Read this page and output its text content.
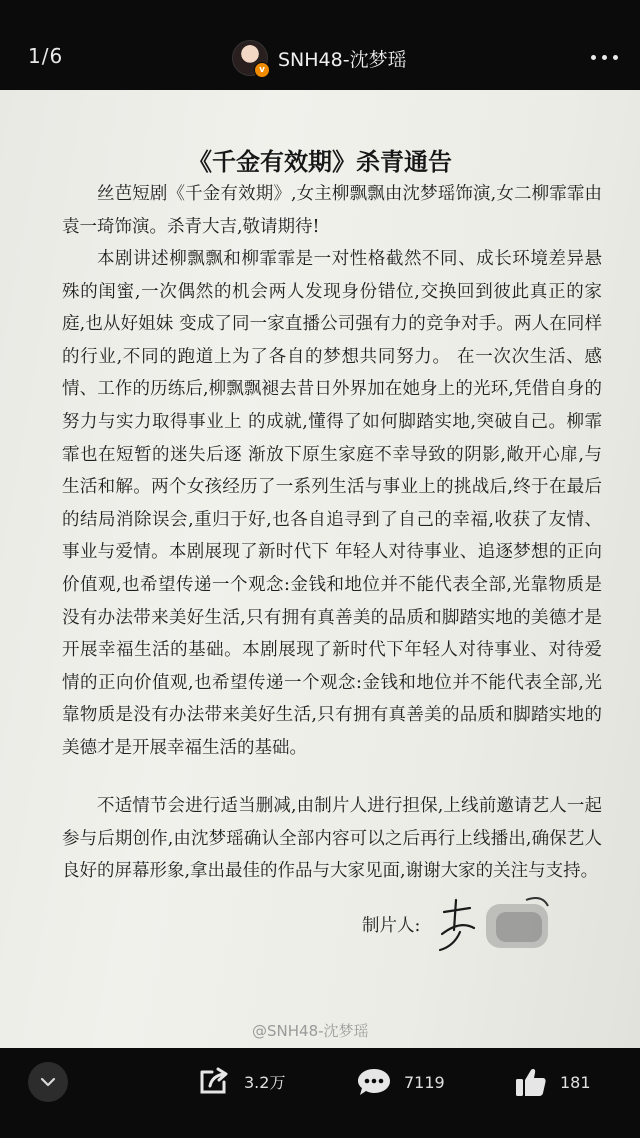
1/6
v SNH48-沈梦瑶
《千金有效期》杀青通告

丝芭短剧《千金有效期》,女主柳飘飘由沈梦瑶饰演,女二柳霏霏由袁一琦饰演。杀青大吉,敬请期待!

本剧讲述柳飘飘和柳霏霏是一对性格截然不同、成长环境差异悬殊的闺蜜,一次偶然的机会两人发现身份错位,交换回到彼此真正的家庭,也从好姐妹 变成了同一家直播公司强有力的竞争对手。两人在同样的行业,不同的跑道上为了各自的梦想共同努力。 在一次次生活、感情、工作的历练后,柳飘飘褪去昔日外界加在她身上的光环,凭借自身的努力与实力取得事业上 的成就,懂得了如何脚踏实地,突破自己。柳霏霏也在短暂的迷失后逐 渐放下原生家庭不幸导致的阴影,敞开心扉,与生活和解。两个女孩经历了一系列生活与事业上的挑战后,终于在最后的结局消除误会,重归于好,也各自追寻到了自己的幸福,收获了友情、事业与爱情。本剧展现了新时代下 年轻人对待事业、追逐梦想的正向价值观,也希望传递一个观念:金钱和地位并不能代表全部,光靠物质是没有办法带来美好生活,只有拥有真善美的品质和脚踏实地的美德才是开展幸福生活的基础。本剧展现了新时代下年轻人对待事业、对待爱情的正向价值观,也希望传递一个观念:金钱和地位并不能代表全部,光靠物质是没有办法带来美好生活,只有拥有真善美的品质和脚踏实地的美德才是开展幸福生活的基础。

不适情节会进行适当删减,由制片人进行担保,上线前邀请艺人一起参与后期创作,由沈梦瑶确认全部内容可以之后再行上线播出,确保艺人良好的屏幕形象,拿出最佳的作品与大家见面,谢谢大家的关注与支持。

制片人:
@SNH48-沈梦瑶
3.2万	7119	181
